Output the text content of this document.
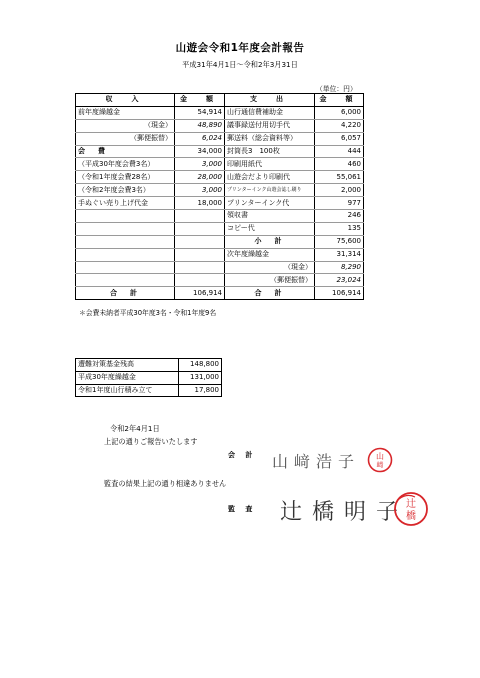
山遊会令和1年度会計報告
平成31年4月1日～令和2年3月31日
（単位：円）
収　入	金　額	支　出	金　額
前年度繰越金	54,914	山行通信費補助金	6,000
（現金）	48,890	議事録送付用切手代	4,220
（郵便振替）	6,024	郵送料（総会資料等）	6,057
会　費	34,000	封筒長3　100枚	444
（平成30年度会費3名）	3,000	印刷用紙代	460
（令和1年度会費28名）	28,000	山遊会だより印刷代	55,061
（令和2年度会費3名）	3,000	プリンターインク山遊会誌し刷り	2,000
手ぬぐい売り上げ代金	18,000	プリンターインク代	977
		領収書	246
		コピー代	135
		小　計	75,600
		次年度繰越金	31,314
		（現金）	8,290
		（郵便振替）	23,024
合　計	106,914	合　計	106,914
＊会費未納者平成30年度3名・令和1年度9名
遭難対策基金残高	148,800
平成30年度繰越金	131,000
令和1年度山行積み立て	17,800
令和2年4月1日
上記の通りご報告いたします
会 計 山﨑浩子 山
﨑
監査の結果上記の通り相違ありません
監 査 辻橋明子
辻
橋
